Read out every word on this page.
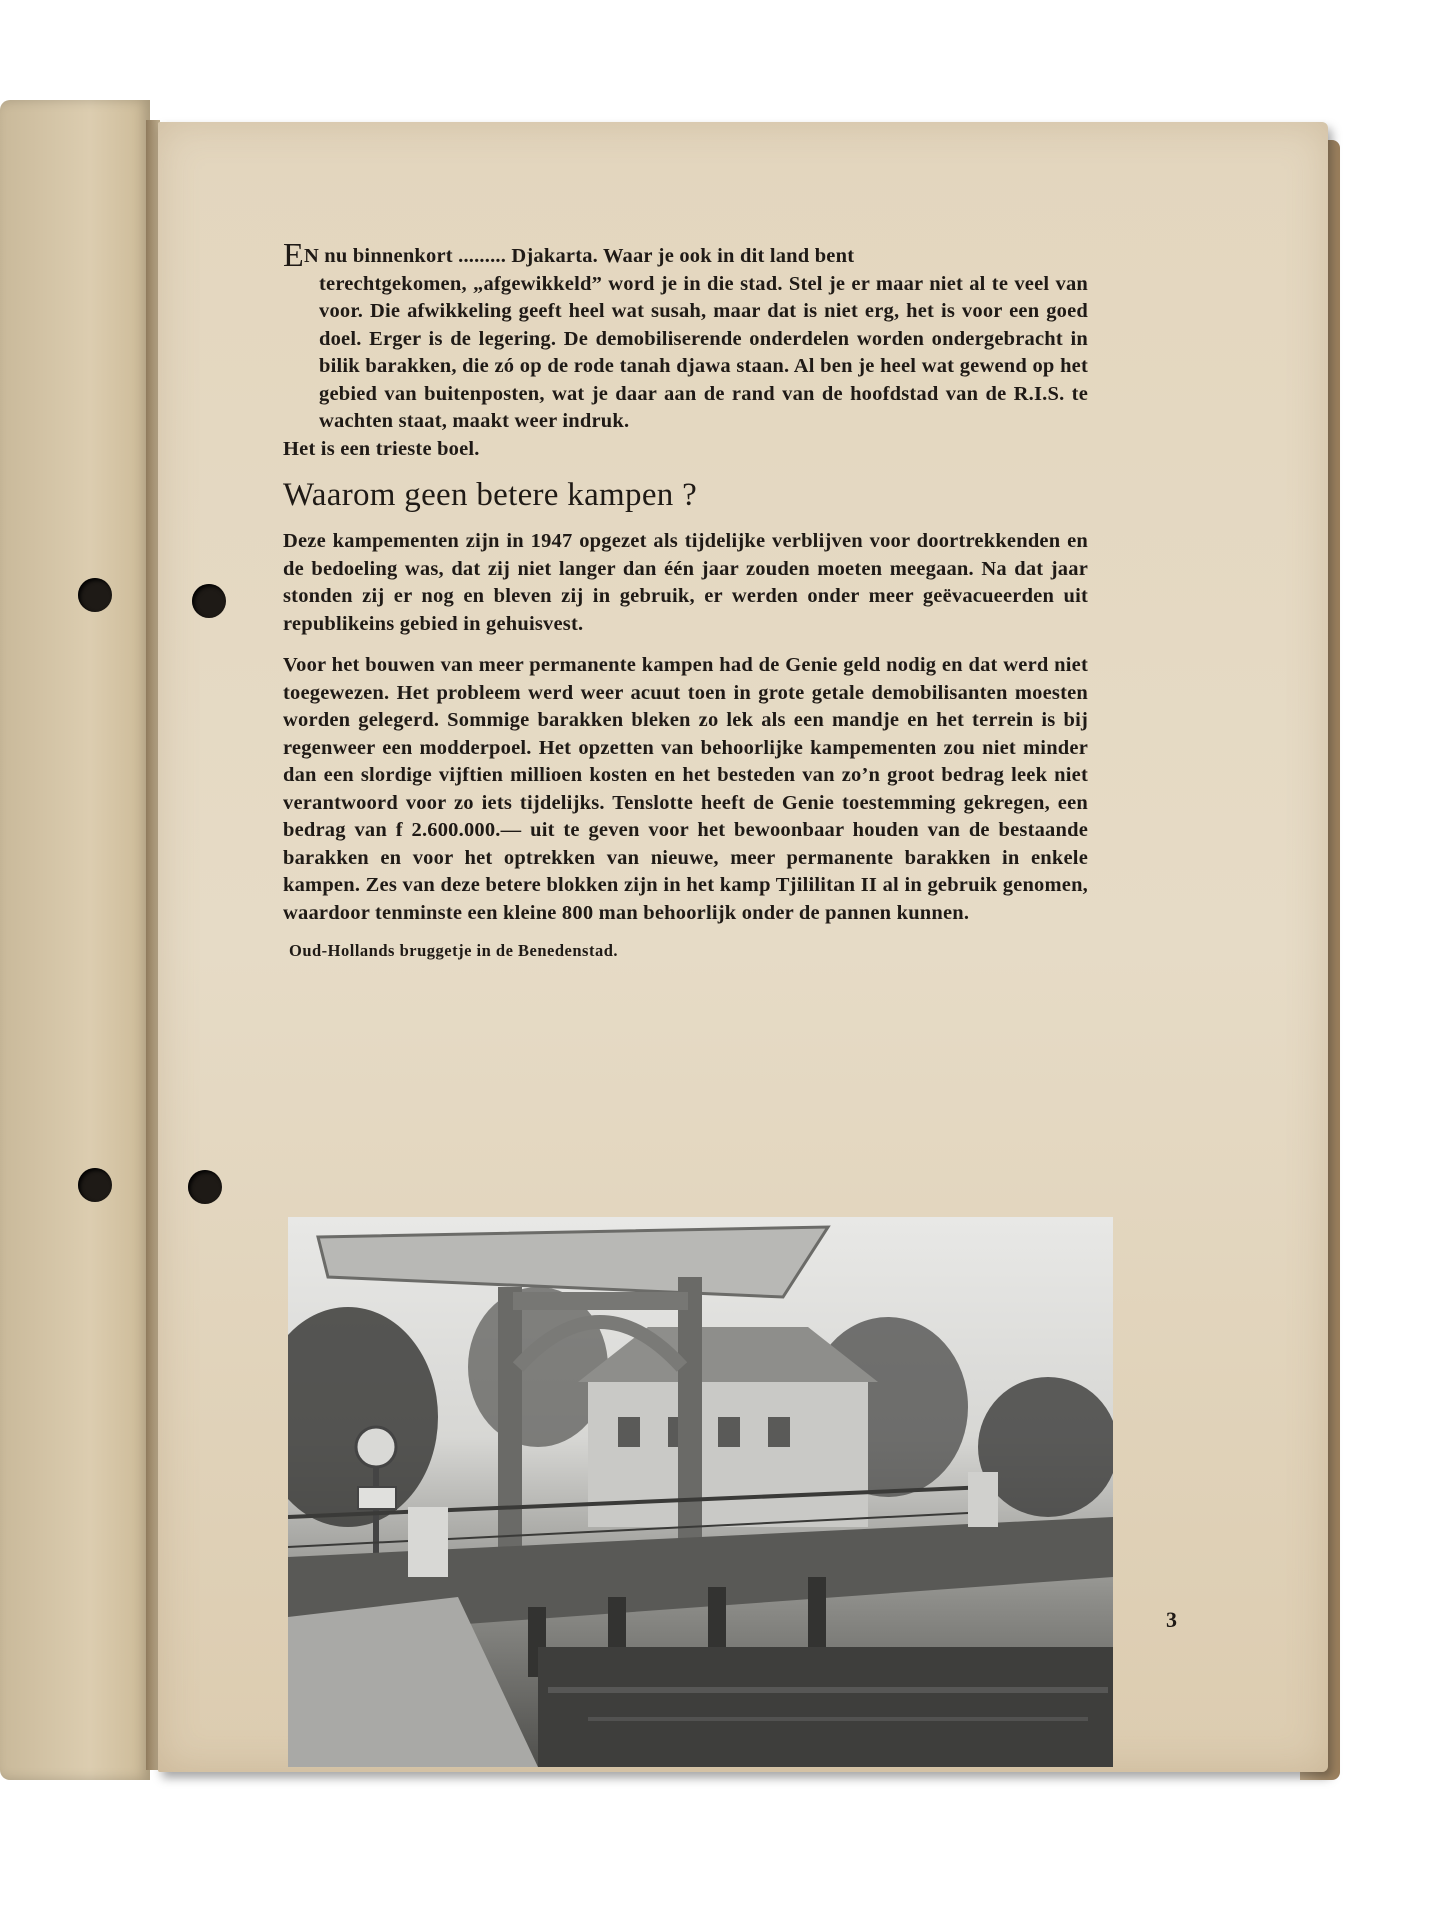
EN nu binnenkort ......... Djakarta. Waar je ook in dit land bent
terechtgekomen, „afgewikkeld” word je in die stad. Stel je er maar niet al te veel van voor. Die afwikkeling geeft heel wat susah, maar dat is niet erg, het is voor een goed doel. Erger is de legering. De demobiliserende onderdelen worden ondergebracht in bilik barakken, die zó op de rode tanah djawa staan. Al ben je heel wat gewend op het gebied van buitenposten, wat je daar aan de rand van de hoofdstad van de R.I.S. te wachten staat, maakt weer indruk.
Het is een trieste boel.

Waarom geen betere kampen ?

Deze kampementen zijn in 1947 opgezet als tijdelijke verblijven voor doortrekkenden en de bedoeling was, dat zij niet langer dan één jaar zouden moeten meegaan. Na dat jaar stonden zij er nog en bleven zij in gebruik, er werden onder meer geëvacueerden uit republikeins gebied in gehuisvest.

Voor het bouwen van meer permanente kampen had de Genie geld nodig en dat werd niet toegewezen. Het probleem werd weer acuut toen in grote getale demobilisanten moesten worden gelegerd. Sommige barakken bleken zo lek als een mandje en het terrein is bij regenweer een modderpoel. Het opzetten van behoorlijke kampementen zou niet minder dan een slordige vijftien millioen kosten en het besteden van zo’n groot bedrag leek niet verantwoord voor zo iets tijdelijks. Tenslotte heeft de Genie toestemming gekregen, een bedrag van f 2.600.000.— uit te geven voor het bewoonbaar houden van de bestaande barakken en voor het optrekken van nieuwe, meer permanente barakken in enkele kampen. Zes van deze betere blokken zijn in het kamp Tjililitan II al in gebruik genomen, waardoor tenminste een kleine 800 man behoorlijk onder de pannen kunnen.

Oud-Hollands bruggetje in de Benedenstad.
3
